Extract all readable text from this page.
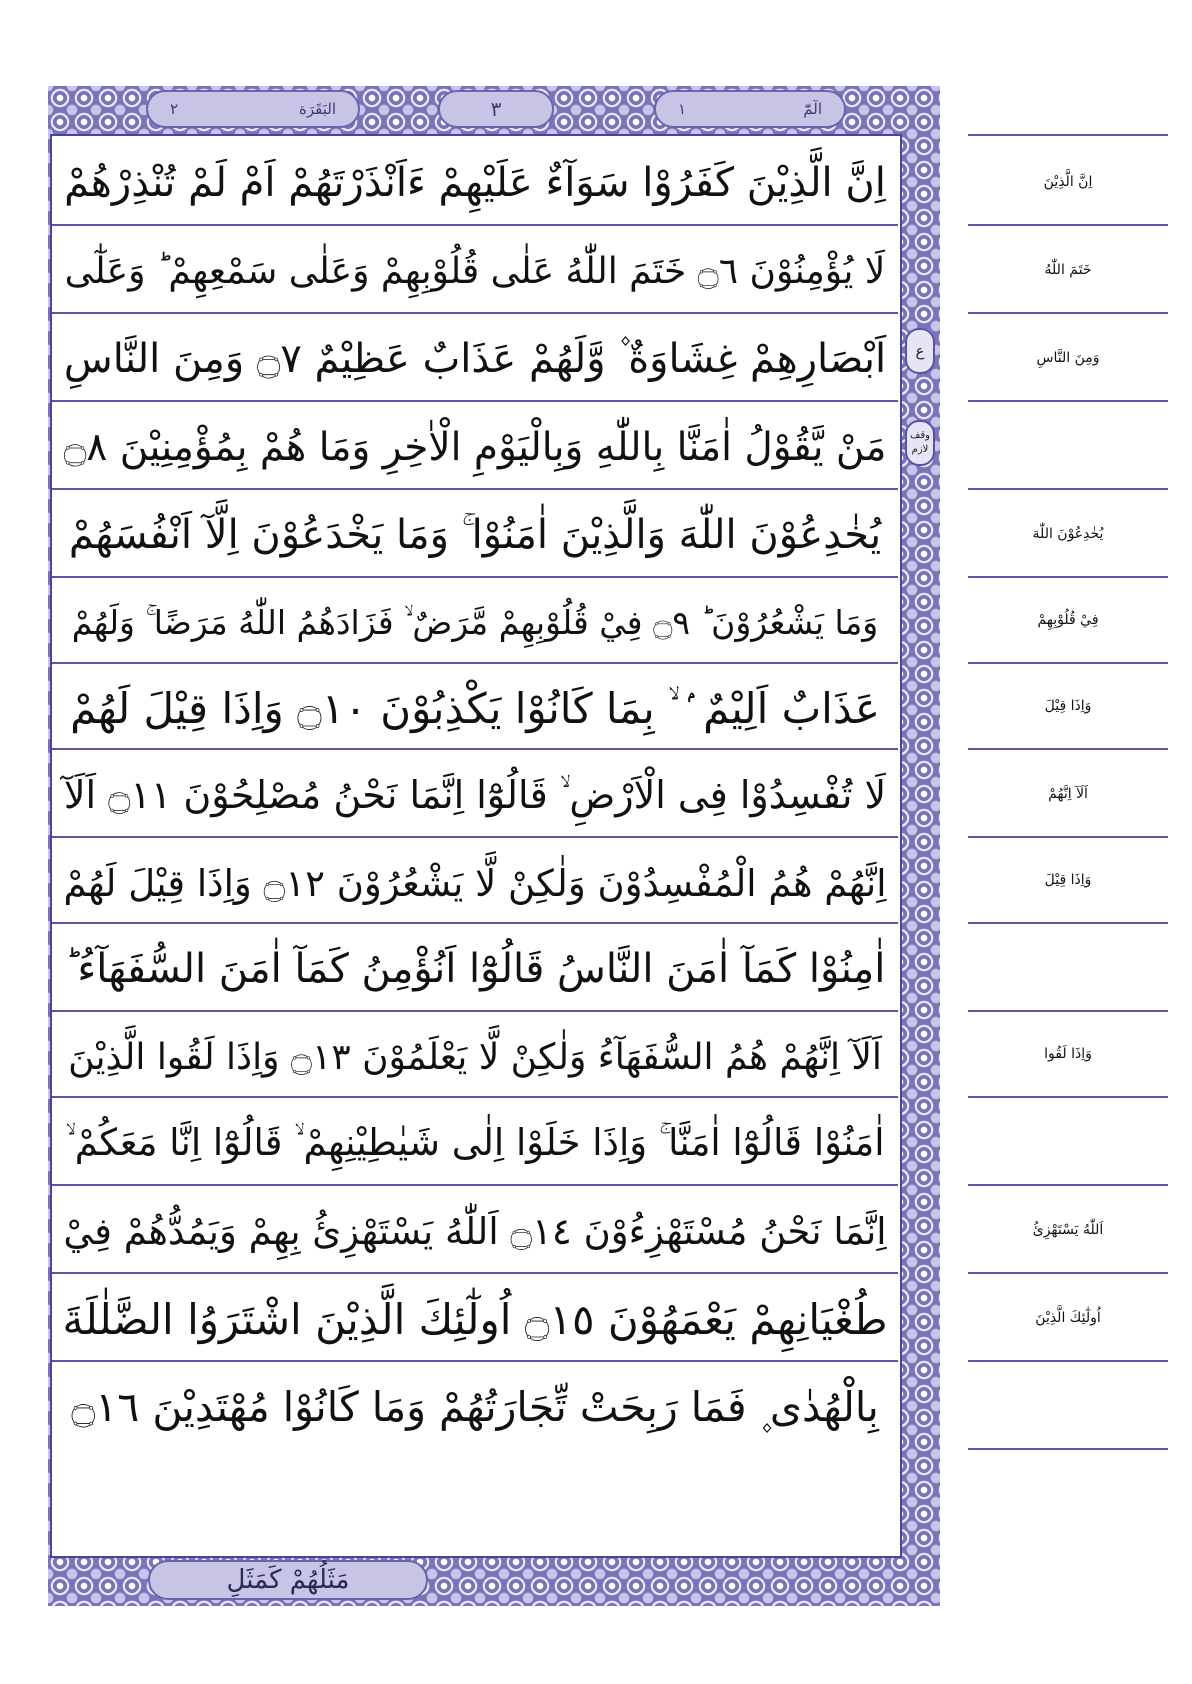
٢	البَقَرَة	٣	١	الٓمّٓ
مَثَلُهُمْ كَمَثَلِ
ع
وقف لازم
اِنَّ الَّذِيْنَ كَفَرُوْا سَوَآءٌ عَلَيْهِمْ ءَاَنْذَرْتَهُمْ اَمْ لَمْ تُنْذِرْهُمْ
لَا يُؤْمِنُوْنَ ۝٦ خَتَمَ اللّٰهُ عَلٰى قُلُوْبِهِمْ وَعَلٰى سَمْعِهِمْ ؕ وَعَلٰٓى
اَبْصَارِهِمْ غِشَاوَةٌ ۫ وَّلَهُمْ عَذَابٌ عَظِيْمٌ ۝٧ وَمِنَ النَّاسِ
مَنْ يَّقُوْلُ اٰمَنَّا بِاللّٰهِ وَبِالْيَوْمِ الْاٰخِرِ وَمَا هُمْ بِمُؤْمِنِيْنَ ۝٨
يُخٰدِعُوْنَ اللّٰهَ وَالَّذِيْنَ اٰمَنُوْا ۚ وَمَا يَخْدَعُوْنَ اِلَّآ اَنْفُسَهُمْ
وَمَا يَشْعُرُوْنَ ؕ ۝٩ فِيْ قُلُوْبِهِمْ مَّرَضٌ ۙ فَزَادَهُمُ اللّٰهُ مَرَضًا ۚ وَلَهُمْ
عَذَابٌ اَلِيْمٌ ۢ ۙ بِمَا كَانُوْا يَكْذِبُوْنَ ۝١٠ وَاِذَا قِيْلَ لَهُمْ
لَا تُفْسِدُوْا فِى الْاَرْضِ ۙ قَالُوْٓا اِنَّمَا نَحْنُ مُصْلِحُوْنَ ۝١١ اَلَآ
اِنَّهُمْ هُمُ الْمُفْسِدُوْنَ وَلٰكِنْ لَّا يَشْعُرُوْنَ ۝١٢ وَاِذَا قِيْلَ لَهُمْ
اٰمِنُوْا كَمَآ اٰمَنَ النَّاسُ قَالُوْٓا اَنُؤْمِنُ كَمَآ اٰمَنَ السُّفَهَآءُ ؕ
اَلَآ اِنَّهُمْ هُمُ السُّفَهَآءُ وَلٰكِنْ لَّا يَعْلَمُوْنَ ۝١٣ وَاِذَا لَقُوا الَّذِيْنَ
اٰمَنُوْا قَالُوْٓا اٰمَنَّا ۚ وَاِذَا خَلَوْا اِلٰى شَيٰطِيْنِهِمْ ۙ قَالُوْٓا اِنَّا مَعَكُمْ ۙ
اِنَّمَا نَحْنُ مُسْتَهْزِءُوْنَ ۝١٤ اَللّٰهُ يَسْتَهْزِئُ بِهِمْ وَيَمُدُّهُمْ فِيْ
طُغْيَانِهِمْ يَعْمَهُوْنَ ۝١٥ اُولٰٓئِكَ الَّذِيْنَ اشْتَرَوُا الضَّلٰلَةَ
بِالْهُدٰى ۪ فَمَا رَبِحَتْ تِّجَارَتُهُمْ وَمَا كَانُوْا مُهْتَدِيْنَ ۝١٦
اِنَّ الَّذِيْنَ
خَتَمَ اللّٰهُ
وَمِنَ النَّاسِ
يُخٰدِعُوْنَ اللّٰهَ
فِيْ قُلُوْبِهِمْ
وَاِذَا قِيْلَ
اَلَآ اِنَّهُمْ
وَاِذَا قِيْلَ
وَاِذَا لَقُوا
اَللّٰهُ يَسْتَهْزِئُ
اُولٰٓئِكَ الَّذِيْنَ
